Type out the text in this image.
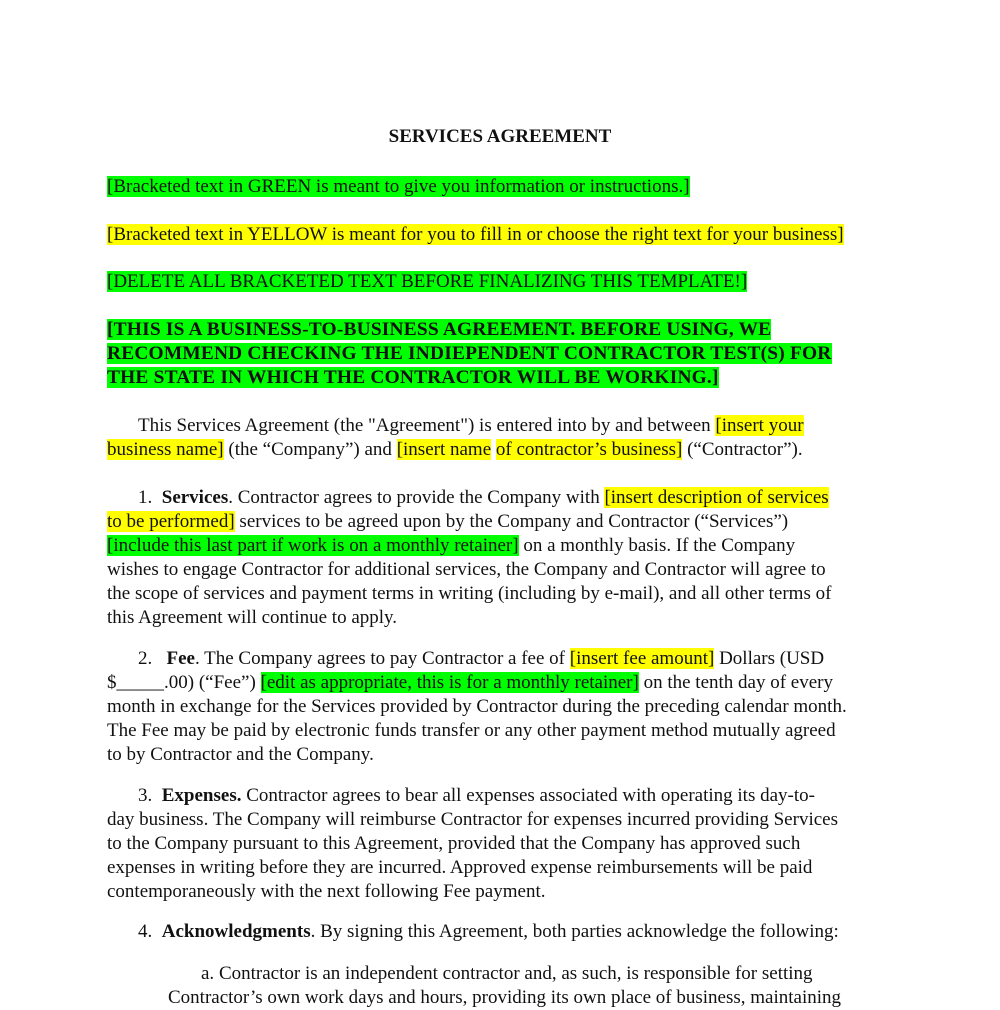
SERVICES AGREEMENT
[Bracketed text in GREEN is meant to give you information or instructions.]
[Bracketed text in YELLOW is meant for you to fill in or choose the right text for your business]
[DELETE ALL BRACKETED TEXT BEFORE FINALIZING THIS TEMPLATE!]
[THIS IS A BUSINESS-TO-BUSINESS AGREEMENT. BEFORE USING, WE
RECOMMEND CHECKING THE INDIEPENDENT CONTRACTOR TEST(S) FOR
THE STATE IN WHICH THE CONTRACTOR WILL BE WORKING.]
This Services Agreement (the "Agreement") is entered into by and between [insert your
business name] (the “Company”) and [insert name of contractor’s business] (“Contractor”).
1. Services. Contractor agrees to provide the Company with [insert description of services
to be performed] services to be agreed upon by the Company and Contractor (“Services”)
[include this last part if work is on a monthly retainer] on a monthly basis. If the Company
wishes to engage Contractor for additional services, the Company and Contractor will agree to
the scope of services and payment terms in writing (including by e-mail), and all other terms of
this Agreement will continue to apply.
2. Fee. The Company agrees to pay Contractor a fee of [insert fee amount] Dollars (USD
$_____.00) (“Fee”) [edit as appropriate, this is for a monthly retainer] on the tenth day of every
month in exchange for the Services provided by Contractor during the preceding calendar month.
The Fee may be paid by electronic funds transfer or any other payment method mutually agreed
to by Contractor and the Company.
3. Expenses. Contractor agrees to bear all expenses associated with operating its day-to-
day business. The Company will reimburse Contractor for expenses incurred providing Services
to the Company pursuant to this Agreement, provided that the Company has approved such
expenses in writing before they are incurred. Approved expense reimbursements will be paid
contemporaneously with the next following Fee payment.
4. Acknowledgments. By signing this Agreement, both parties acknowledge the following:
a. Contractor is an independent contractor and, as such, is responsible for setting
Contractor’s own work days and hours, providing its own place of business, maintaining
